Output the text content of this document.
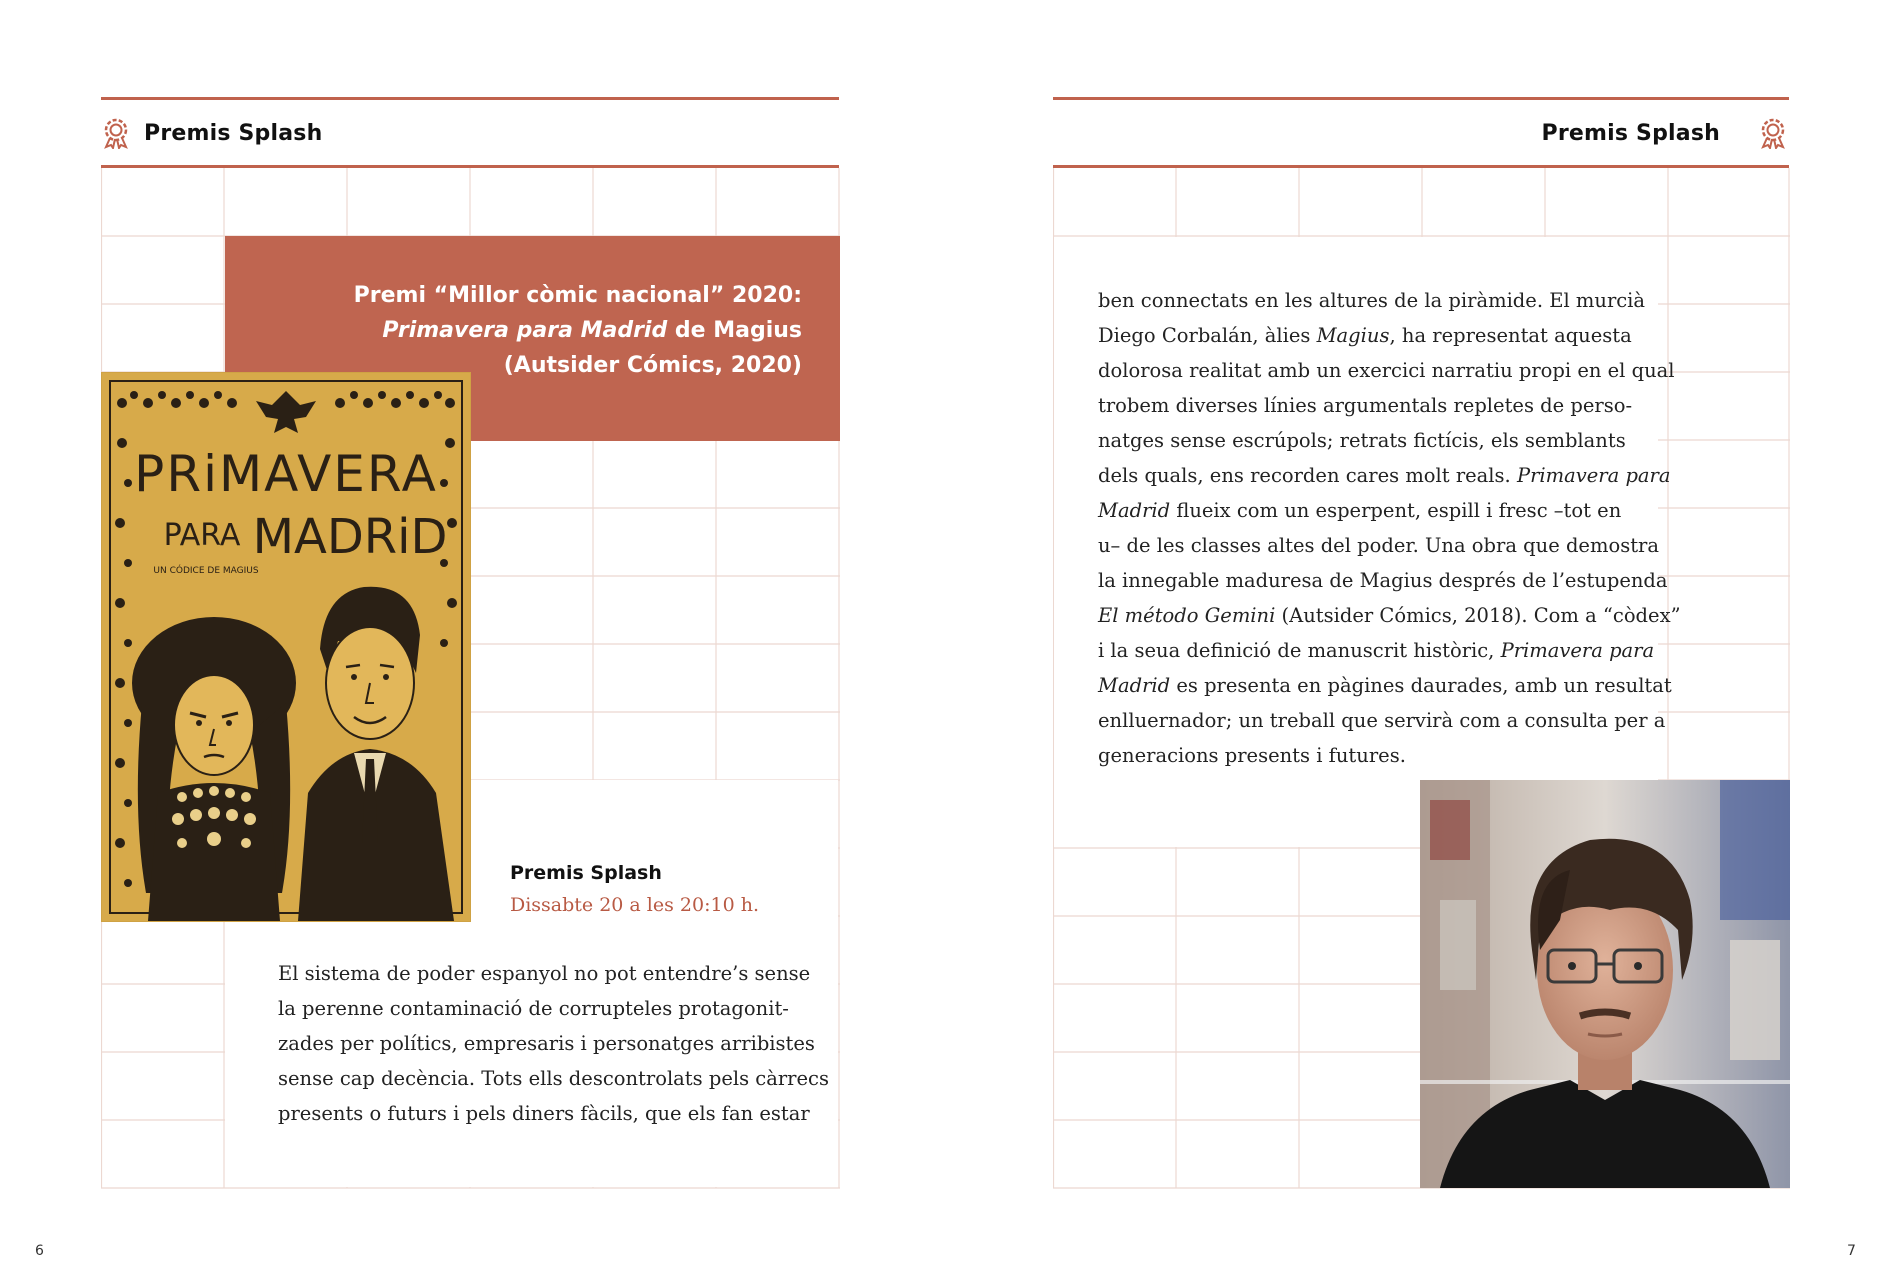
Premis Splash
Premi “Millor còmic nacional” 2020:
Primavera para Madrid de Magius
(Autsider Cómics, 2020)
PRiMAVERA
PARA MADRiD
UN CÓDICE DE MAGIUS
Premis Splash
Dissabte 20 a les 20:10 h.
El sistema de poder espanyol no pot entendre’s sense
la perenne contaminació de corrupteles protagonit-
zades per polítics, empresaris i personatges arribistes
sense cap decència. Tots ells descontrolats pels càrrecs
presents o futurs i pels diners fàcils, que els fan estar
6
Premis Splash
ben connectats en les altures de la piràmide. El murcià
Diego Corbalán, àlies Magius, ha representat aquesta
dolorosa realitat amb un exercici narratiu propi en el qual
trobem diverses línies argumentals repletes de perso-
natges sense escrúpols; retrats fictícis, els semblants
dels quals, ens recorden cares molt reals. Primavera para
Madrid flueix com un esperpent, espill i fresc –tot en
u– de les classes altes del poder. Una obra que demostra
la innegable maduresa de Magius després de l’estupenda
El método Gemini (Autsider Cómics, 2018). Com a “còdex”
i la seua definició de manuscrit històric, Primavera para
Madrid es presenta en pàgines daurades, amb un resultat
enlluernador; un treball que servirà com a consulta per a
generacions presents i futures.
7
